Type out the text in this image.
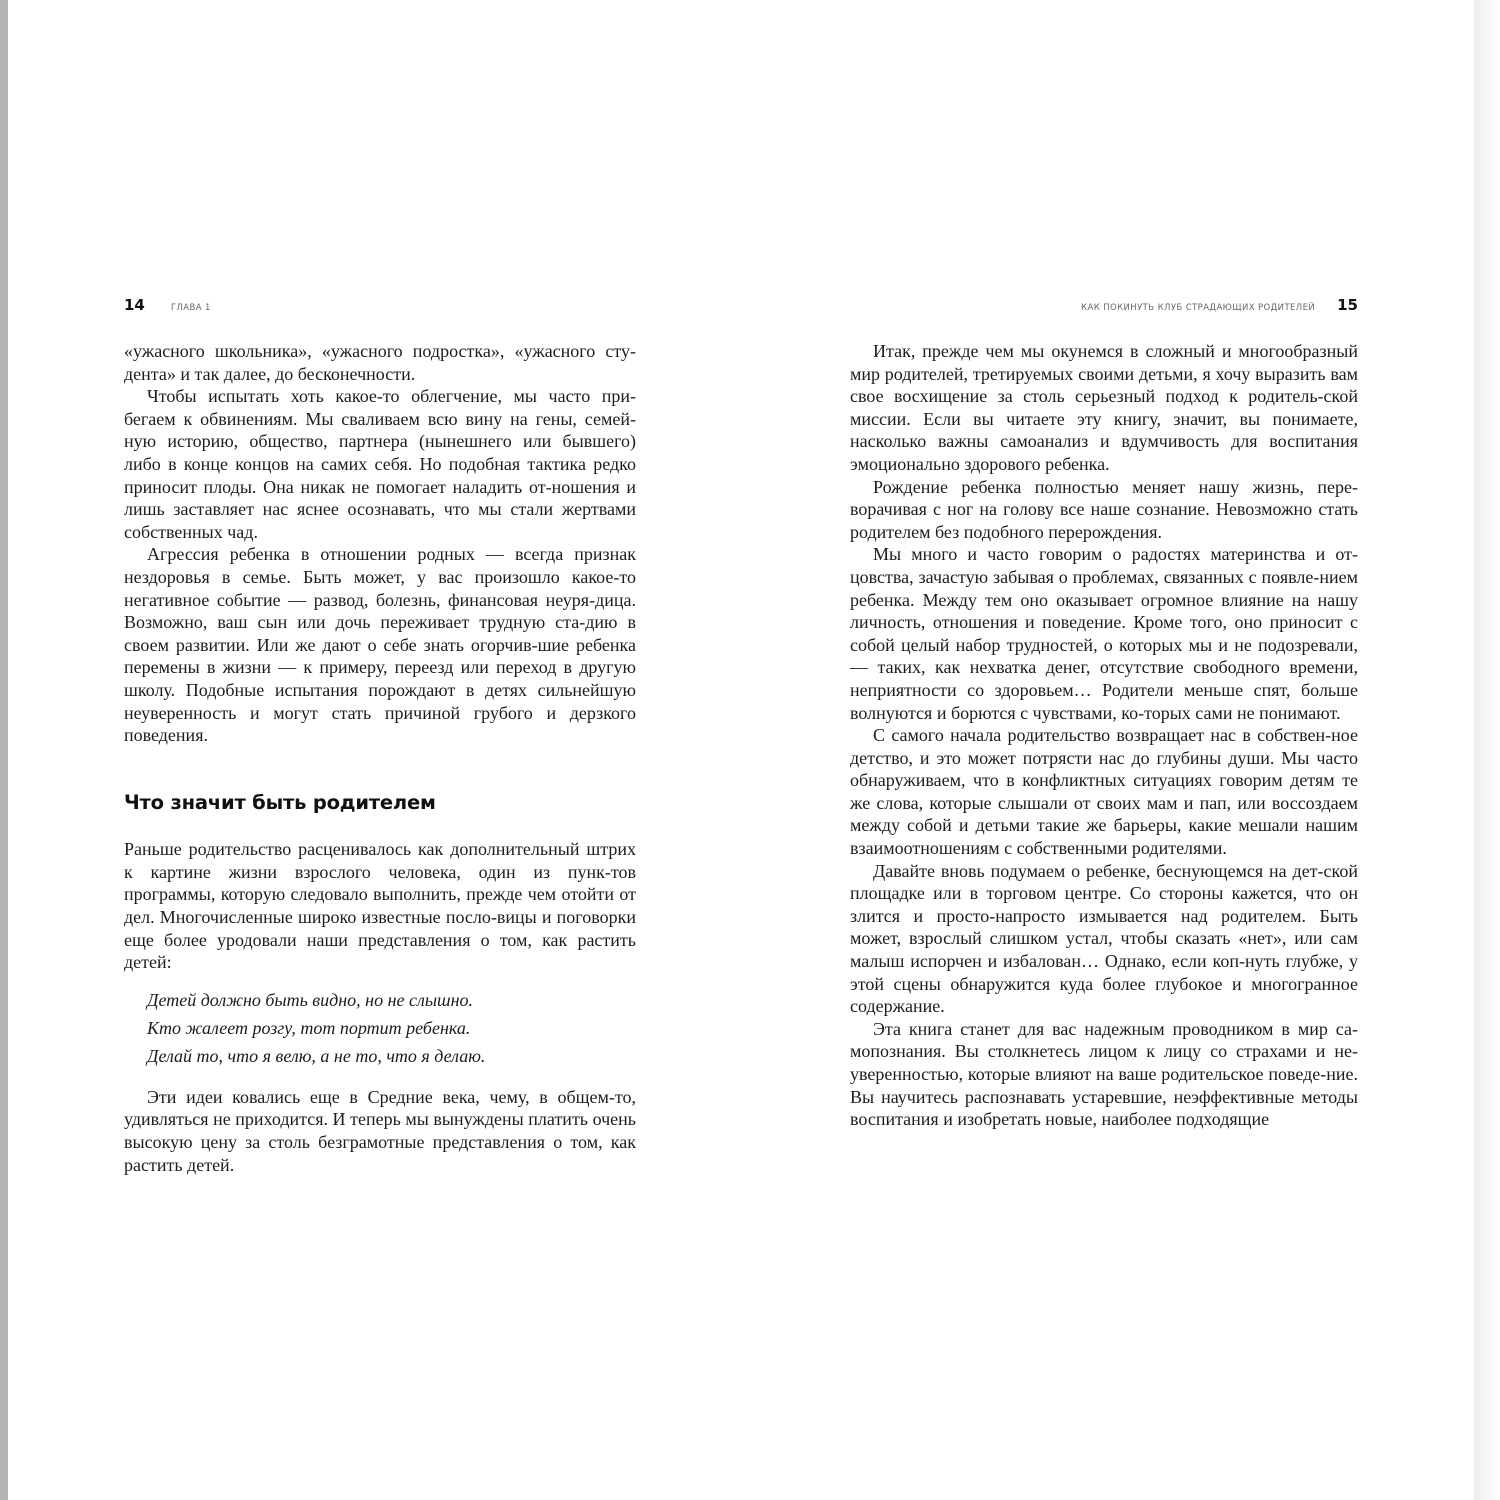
14	ГЛАВА 1

«ужасного школьника», «ужасного подростка», «ужасного сту-дента» и так далее, до бесконечности.

Чтобы испытать хоть какое-то облегчение, мы часто при-бегаем к обвинениям. Мы сваливаем всю вину на гены, семей-ную историю, общество, партнера (нынешнего или бывшего) либо в конце концов на самих себя. Но подобная тактика редко приносит плоды. Она никак не помогает наладить от-ношения и лишь заставляет нас яснее осознавать, что мы стали жертвами собственных чад.

Агрессия ребенка в отношении родных — всегда признак нездоровья в семье. Быть может, у вас произошло какое-то негативное событие — развод, болезнь, финансовая неуря-дица. Возможно, ваш сын или дочь переживает трудную ста-дию в своем развитии. Или же дают о себе знать огорчив-шие ребенка перемены в жизни — к примеру, переезд или переход в другую школу. Подобные испытания порождают в детях сильнейшую неуверенность и могут стать причиной грубого и дерзкого поведения.

Что значит быть родителем

Раньше родительство расценивалось как дополнительный штрих к картине жизни взрослого человека, один из пунк-тов программы, которую следовало выполнить, прежде чем отойти от дел. Многочисленные широко известные посло-вицы и поговорки еще более уродовали наши представления о том, как растить детей:

Детей должно быть видно, но не слышно.

Кто жалеет розгу, тот портит ребенка.

Делай то, что я велю, а не то, что я делаю.

Эти идеи ковались еще в Средние века, чему, в общем-то, удивляться не приходится. И теперь мы вынуждены платить очень высокую цену за столь безграмотные представления о том, как растить детей.

КАК ПОКИНУТЬ КЛУБ СТРАДАЮЩИХ РОДИТЕЛЕЙ 15

Итак, прежде чем мы окунемся в сложный и многообразный мир родителей, третируемых своими детьми, я хочу выразить вам свое восхищение за столь серьезный подход к родитель-ской миссии. Если вы читаете эту книгу, значит, вы понимаете, насколько важны самоанализ и вдумчивость для воспитания эмоционально здорового ребенка.

Рождение ребенка полностью меняет нашу жизнь, пере-ворачивая с ног на голову все наше сознание. Невозможно стать родителем без подобного перерождения.

Мы много и часто говорим о радостях материнства и от-цовства, зачастую забывая о проблемах, связанных с появле-нием ребенка. Между тем оно оказывает огромное влияние на нашу личность, отношения и поведение. Кроме того, оно приносит с собой целый набор трудностей, о которых мы и не подозревали, — таких, как нехватка денег, отсутствие свободного времени, неприятности со здоровьем… Родители меньше спят, больше волнуются и борются с чувствами, ко-торых сами не понимают.

С самого начала родительство возвращает нас в собствен-ное детство, и это может потрясти нас до глубины души. Мы часто обнаруживаем, что в конфликтных ситуациях говорим детям те же слова, которые слышали от своих мам и пап, или воссоздаем между собой и детьми такие же барьеры, какие мешали нашим взаимоотношениям с собственными родителями.

Давайте вновь подумаем о ребенке, беснующемся на дет-ской площадке или в торговом центре. Со стороны кажется, что он злится и просто-напросто измывается над родителем. Быть может, взрослый слишком устал, чтобы сказать «нет», или сам малыш испорчен и избалован… Однако, если коп-нуть глубже, у этой сцены обнаружится куда более глубокое и многогранное содержание.

Эта книга станет для вас надежным проводником в мир са-мопознания. Вы столкнетесь лицом к лицу со страхами и не-уверенностью, которые влияют на ваше родительское поведе-ние. Вы научитесь распознавать устаревшие, неэффективные методы воспитания и изобретать новые, наиболее подходящие
